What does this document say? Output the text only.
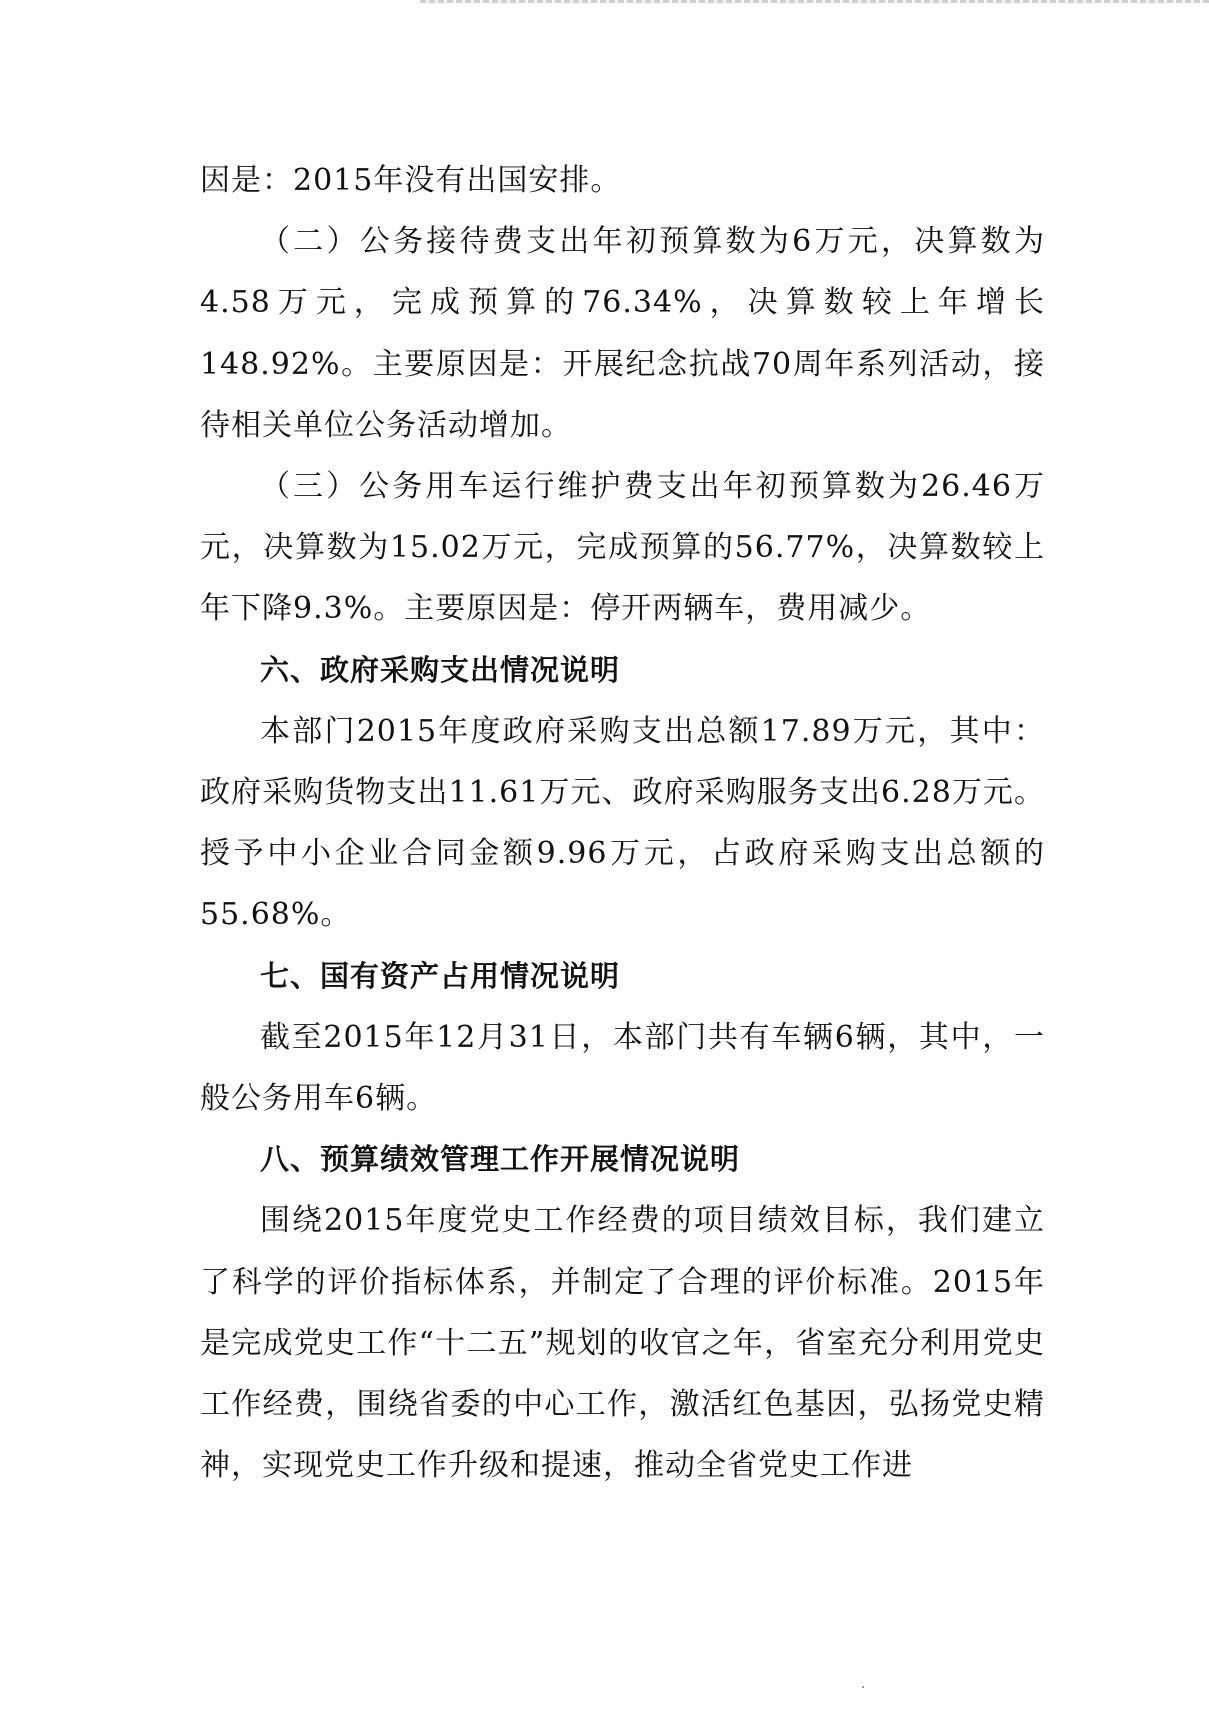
因是：2015年没有出国安排。

（二）公务接待费支出年初预算数为6万元，决算数为4.58万元，完成预算的76.34%，决算数较上年增长148.92%。主要原因是：开展纪念抗战70周年系列活动，接待相关单位公务活动增加。

（三）公务用车运行维护费支出年初预算数为26.46万元，决算数为15.02万元，完成预算的56.77%，决算数较上年下降9.3%。主要原因是：停开两辆车，费用减少。

六、政府采购支出情况说明

本部门2015年度政府采购支出总额17.89万元，其中：政府采购货物支出11.61万元、政府采购服务支出6.28万元。授予中小企业合同金额9.96万元，占政府采购支出总额的55.68%。

七、国有资产占用情况说明

截至2015年12月31日，本部门共有车辆6辆，其中，一般公务用车6辆。

八、预算绩效管理工作开展情况说明

围绕2015年度党史工作经费的项目绩效目标，我们建立了科学的评价指标体系，并制定了合理的评价标准。2015年是完成党史工作“十二五”规划的收官之年，省室充分利用党史工作经费，围绕省委的中心工作，激活红色基因，弘扬党史精神，实现党史工作升级和提速，推动全省党史工作进
